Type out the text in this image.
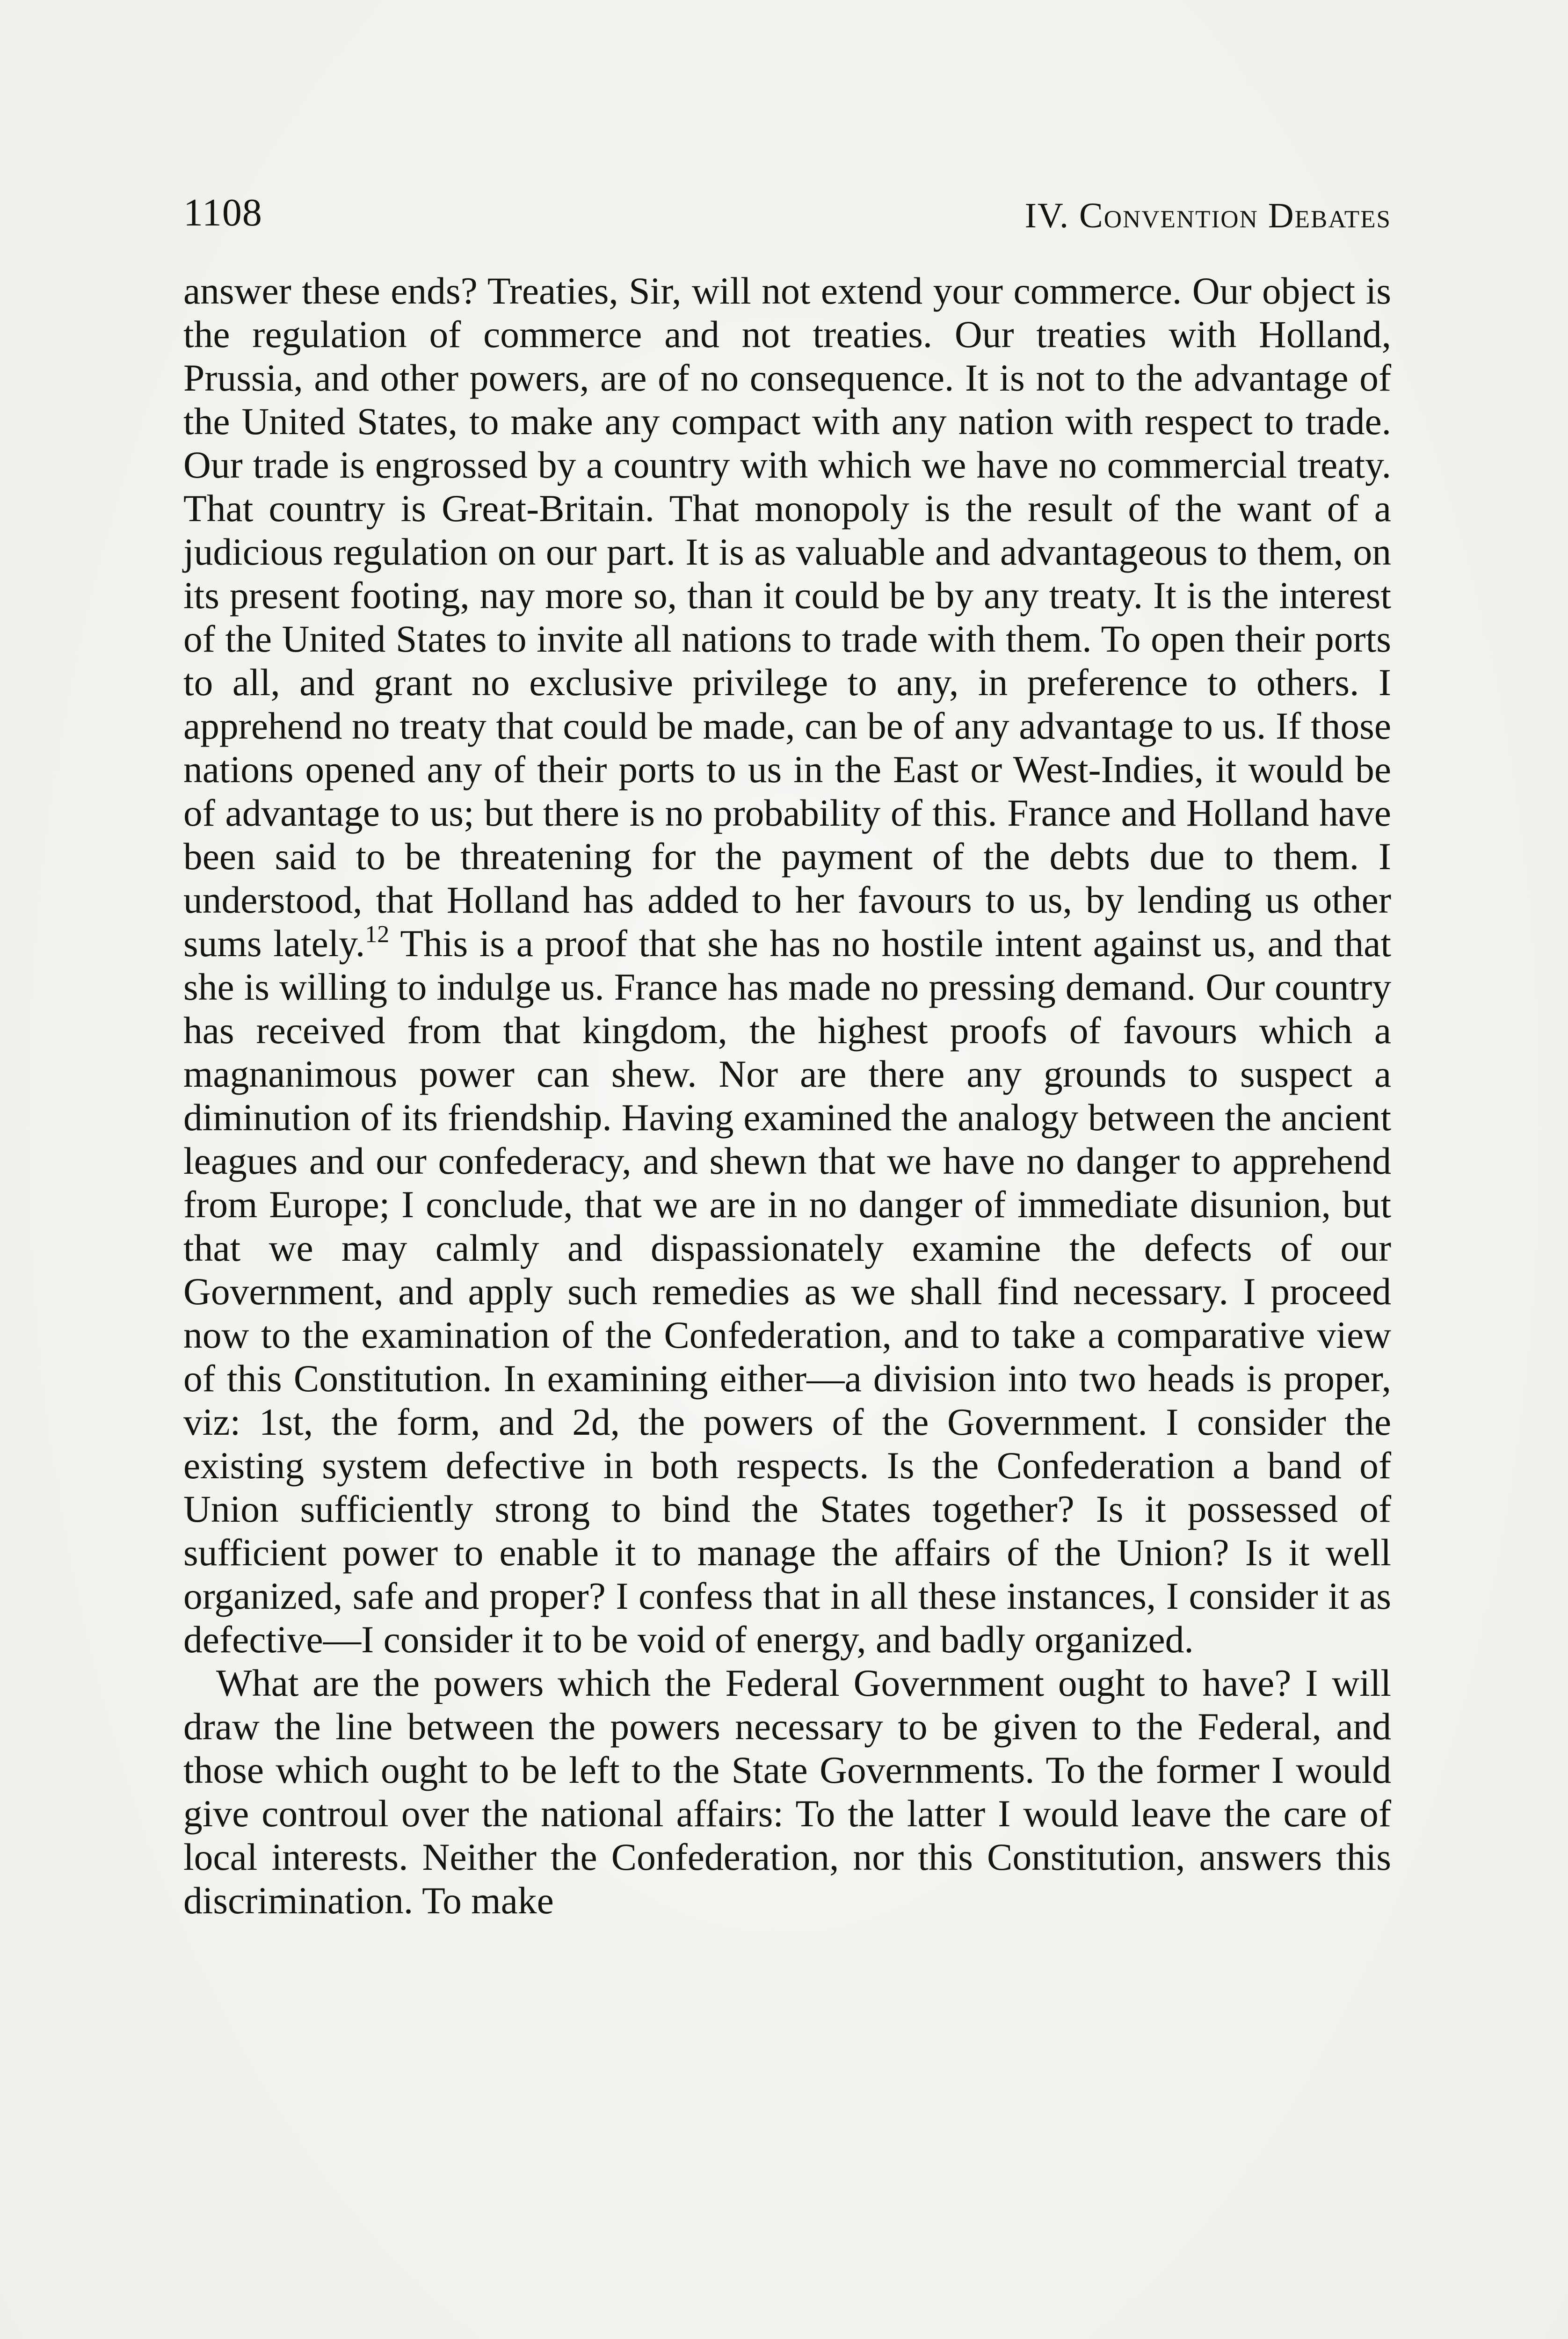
1108	IV. Convention Debates

answer these ends? Treaties, Sir, will not extend your commerce. Our object is the regulation of commerce and not treaties. Our treaties with Holland, Prussia, and other powers, are of no consequence. It is not to the advantage of the United States, to make any compact with any nation with respect to trade. Our trade is engrossed by a country with which we have no commercial treaty. That country is Great-Britain. That monopoly is the result of the want of a judicious regulation on our part. It is as valuable and advantageous to them, on its present footing, nay more so, than it could be by any treaty. It is the interest of the United States to invite all nations to trade with them. To open their ports to all, and grant no exclusive privilege to any, in preference to others. I apprehend no treaty that could be made, can be of any advantage to us. If those nations opened any of their ports to us in the East or West-Indies, it would be of advantage to us; but there is no probability of this. France and Holland have been said to be threatening for the payment of the debts due to them. I understood, that Holland has added to her favours to us, by lending us other sums lately.$^{12}$ This is a proof that she has no hostile intent against us, and that she is willing to indulge us. France has made no pressing demand. Our country has received from that kingdom, the highest proofs of favours which a magnanimous power can shew. Nor are there any grounds to suspect a diminution of its friendship. Having examined the analogy between the ancient leagues and our confederacy, and shewn that we have no danger to apprehend from Europe; I conclude, that we are in no danger of immediate disunion, but that we may calmly and dispassionately examine the defects of our Government, and apply such remedies as we shall find necessary. I proceed now to the examination of the Confederation, and to take a comparative view of this Constitution. In examining either—a division into two heads is proper, viz: 1st, the form, and 2d, the powers of the Government. I consider the existing system defective in both respects. Is the Confederation a band of Union sufficiently strong to bind the States together? Is it possessed of sufficient power to enable it to manage the affairs of the Union? Is it well organized, safe and proper? I confess that in all these instances, I consider it as defective—I consider it to be void of energy, and badly organized.

What are the powers which the Federal Government ought to have? I will draw the line between the powers necessary to be given to the Federal, and those which ought to be left to the State Governments. To the former I would give controul over the national affairs: To the latter I would leave the care of local interests. Neither the Confederation, nor this Constitution, answers this discrimination. To make
